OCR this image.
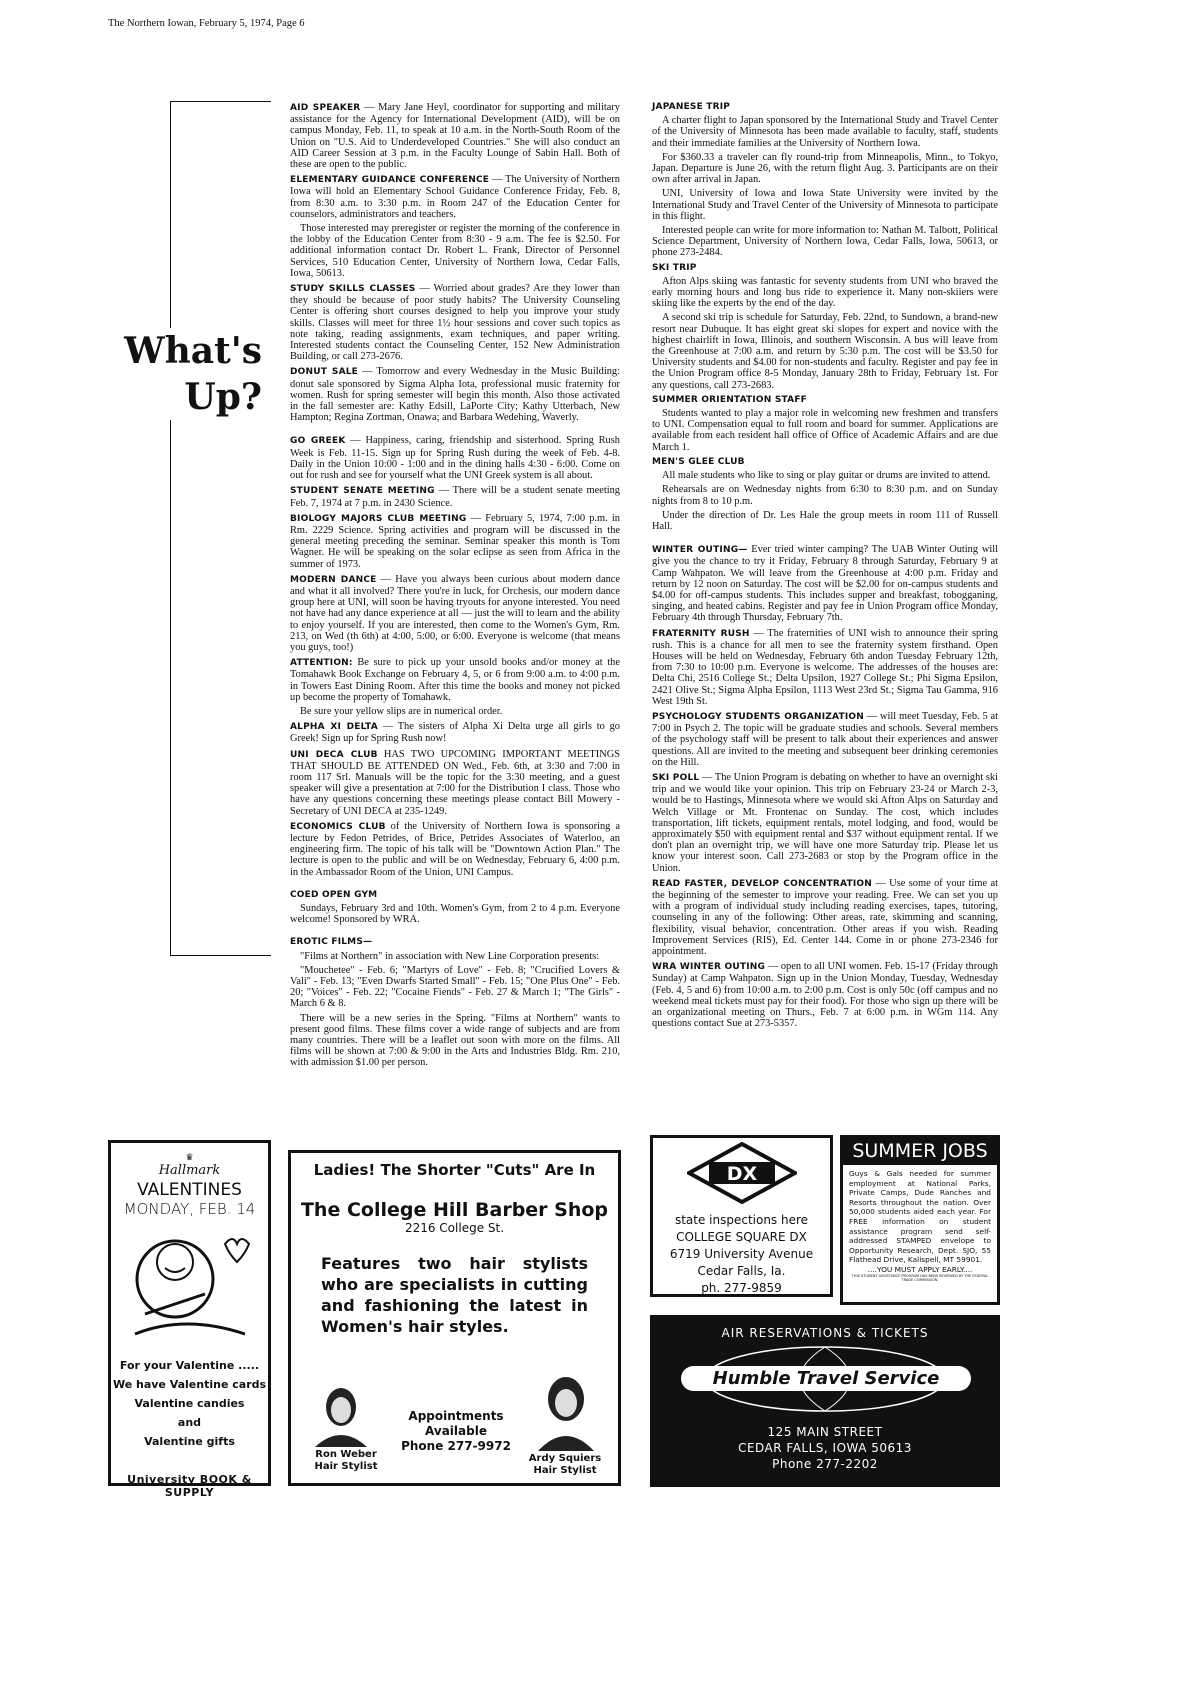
The Northern Iowan, February 5, 1974, Page 6
What's
Up?

AID SPEAKER — Mary Jane Heyl, coordinator for supporting and military assistance for the Agency for International Development (AID), will be on campus Monday, Feb. 11, to speak at 10 a.m. in the North-South Room of the Union on "U.S. Aid to Underdeveloped Countries." She will also conduct an AID Career Session at 3 p.m. in the Faculty Lounge of Sabin Hall. Both of these are open to the public.

ELEMENTARY GUIDANCE CONFERENCE — The University of Northern Iowa will hold an Elementary School Guidance Conference Friday, Feb. 8, from 8:30 a.m. to 3:30 p.m. in Room 247 of the Education Center for counselors, administrators and teachers.

Those interested may preregister or register the morning of the conference in the lobby of the Education Center from 8:30 - 9 a.m. The fee is $2.50. For additional information contact Dr. Robert L. Frank, Director of Personnel Services, 510 Education Center, University of Northern Iowa, Cedar Falls, Iowa, 50613.

STUDY SKILLS CLASSES — Worried about grades? Are they lower than they should be because of poor study habits? The University Counseling Center is offering short courses designed to help you improve your study skills. Classes will meet for three 1½ hour sessions and cover such topics as note taking, reading assignments, exam techniques, and paper writing. Interested students contact the Counseling Center, 152 New Administration Building, or call 273-2676.

DONUT SALE — Tomorrow and every Wednesday in the Music Building: donut sale sponsored by Sigma Alpha Iota, professional music fraternity for women. Rush for spring semester will begin this month. Also those activated in the fall semester are: Kathy Edsill, LaPorte City; Kathy Utterbach, New Hampton; Regina Zortman, Onawa; and Barbara Wedehing, Waverly.

GO GREEK — Happiness, caring, friendship and sisterhood. Spring Rush Week is Feb. 11-15. Sign up for Spring Rush during the week of Feb. 4-8. Daily in the Union 10:00 - 1:00 and in the dining halls 4:30 - 6:00. Come on out for rush and see for yourself what the UNI Greek system is all about.

STUDENT SENATE MEETING — There will be a student senate meeting Feb. 7, 1974 at 7 p.m. in 2430 Science.

BIOLOGY MAJORS CLUB MEETING — February 5, 1974, 7:00 p.m. in Rm. 2229 Science. Spring activities and program will be discussed in the general meeting preceding the seminar. Seminar speaker this month is Tom Wagner. He will be speaking on the solar eclipse as seen from Africa in the summer of 1973.

MODERN DANCE — Have you always been curious about modern dance and what it all involved? There you're in luck, for Orchesis, our modern dance group here at UNI, will soon be having tryouts for anyone interested. You need not have had any dance experience at all — just the will to learn and the ability to enjoy yourself. If you are interested, then come to the Women's Gym, Rm. 213, on Wed (th 6th) at 4:00, 5:00, or 6:00. Everyone is welcome (that means you guys, too!)

ATTENTION: Be sure to pick up your unsold books and/or money at the Tomahawk Book Exchange on February 4, 5, or 6 from 9:00 a.m. to 4:00 p.m. in Towers East Dining Room. After this time the books and money not picked up become the property of Tomahawk.

Be sure your yellow slips are in numerical order.

ALPHA XI DELTA — The sisters of Alpha Xi Delta urge all girls to go Greek! Sign up for Spring Rush now!

UNI DECA CLUB HAS TWO UPCOMING IMPORTANT MEETINGS THAT SHOULD BE ATTENDED ON Wed., Feb. 6th, at 3:30 and 7:00 in room 117 Srl. Manuals will be the topic for the 3:30 meeting, and a guest speaker will give a presentation at 7:00 for the Distribution I class. Those who have any questions concerning these meetings please contact Bill Mowery - Secretary of UNI DECA at 235-1249.

ECONOMICS CLUB of the University of Northern Iowa is sponsoring a lecture by Fedon Petrides, of Brice, Petrides Associates of Waterloo, an engineering firm. The topic of his talk will be "Downtown Action Plan." The lecture is open to the public and will be on Wednesday, February 6, 4:00 p.m. in the Ambassador Room of the Union, UNI Campus.

COED OPEN GYM

Sundays, February 3rd and 10th. Women's Gym, from 2 to 4 p.m. Everyone welcome! Sponsored by WRA.

EROTIC FILMS—

"Films at Northern" in association with New Line Corporation presents:

"Mouchetee" - Feb. 6; "Martyrs of Love" - Feb. 8; "Crucified Lovers & Vali" - Feb. 13; "Even Dwarfs Started Small" - Feb. 15; "One Plus One" - Feb. 20; "Voices" - Feb. 22; "Cocaine Fiends" - Feb. 27 & March 1; "The Girls" - March 6 & 8.

There will be a new series in the Spring. "Films at Northern" wants to present good films. These films cover a wide range of subjects and are from many countries. There will be a leaflet out soon with more on the films. All films will be shown at 7:00 & 9:00 in the Arts and Industries Bldg. Rm. 210, with admission $1.00 per person.

JAPANESE TRIP

A charter flight to Japan sponsored by the International Study and Travel Center of the University of Minnesota has been made available to faculty, staff, students and their immediate families at the University of Northern Iowa.

For $360.33 a traveler can fly round-trip from Minneapolis, Minn., to Tokyo, Japan. Departure is June 26, with the return flight Aug. 3. Participants are on their own after arrival in Japan.

UNI, University of Iowa and Iowa State University were invited by the International Study and Travel Center of the University of Minnesota to participate in this flight.

Interested people can write for more information to: Nathan M. Talbott, Political Science Department, University of Northern Iowa, Cedar Falls, Iowa, 50613, or phone 273-2484.

SKI TRIP

Afton Alps skiing was fantastic for seventy students from UNI who braved the early morning hours and long bus ride to experience it. Many non-skiiers were skiing like the experts by the end of the day.

A second ski trip is schedule for Saturday, Feb. 22nd, to Sundown, a brand-new resort near Dubuque. It has eight great ski slopes for expert and novice with the highest chairlift in Iowa, Illinois, and southern Wisconsin. A bus will leave from the Greenhouse at 7:00 a.m. and return by 5:30 p.m. The cost will be $3.50 for University students and $4.00 for non-students and faculty. Register and pay fee in the Union Program office 8-5 Monday, January 28th to Friday, February 1st. For any questions, call 273-2683.

SUMMER ORIENTATION STAFF

Students wanted to play a major role in welcoming new freshmen and transfers to UNI. Compensation equal to full room and board for summer. Applications are available from each resident hall office of Office of Academic Affairs and are due March 1.

MEN'S GLEE CLUB

All male students who like to sing or play guitar or drums are invited to attend.

Rehearsals are on Wednesday nights from 6:30 to 8:30 p.m. and on Sunday nights from 8 to 10 p.m.

Under the direction of Dr. Les Hale the group meets in room 111 of Russell Hall.

WINTER OUTING— Ever tried winter camping? The UAB Winter Outing will give you the chance to try it Friday, February 8 through Saturday, February 9 at Camp Wahpaton. We will leave from the Greenhouse at 4:00 p.m. Friday and return by 12 noon on Saturday. The cost will be $2.00 for on-campus students and $4.00 for off-campus students. This includes supper and breakfast, tobogganing, singing, and heated cabins. Register and pay fee in Union Program office Monday, February 4th through Thursday, February 7th.

FRATERNITY RUSH — The fraternities of UNI wish to announce their spring rush. This is a chance for all men to see the fraternity system firsthand. Open Houses will be held on Wednesday, February 6th andon Tuesday February 12th, from 7:30 to 10:00 p.m. Everyone is welcome. The addresses of the houses are: Delta Chi, 2516 College St.; Delta Upsilon, 1927 College St.; Phi Sigma Epsilon, 2421 Olive St.; Sigma Alpha Epsilon, 1113 West 23rd St.; Sigma Tau Gamma, 916 West 19th St.

PSYCHOLOGY STUDENTS ORGANIZATION — will meet Tuesday, Feb. 5 at 7:00 in Psych 2. The topic will be graduate studies and schools. Several members of the psychology staff will be present to talk about their experiences and answer questions. All are invited to the meeting and subsequent beer drinking ceremonies on the Hill.

SKI POLL — The Union Program is debating on whether to have an overnight ski trip and we would like your opinion. This trip on February 23-24 or March 2-3, would be to Hastings, Minnesota where we would ski Afton Alps on Saturday and Welch Village or Mt. Frontenac on Sunday. The cost, which includes transportation, lift tickets, equipment rentals, motel lodging, and food, would be approximately $50 with equipment rental and $37 without equipment rental. If we don't plan an overnight trip, we will have one more Saturday trip. Please let us know your interest soon. Call 273-2683 or stop by the Program office in the Union.

READ FASTER, DEVELOP CONCENTRATION — Use some of your time at the beginning of the semester to improve your reading. Free. We can set you up with a program of individual study including reading exercises, tapes, tutoring, counseling in any of the following: Other areas, rate, skimming and scanning, flexibility, visual behavior, concentration. Other areas if you wish. Reading Improvement Services (RIS), Ed. Center 144. Come in or phone 273-2346 for appointment.

WRA WINTER OUTING — open to all UNI women. Feb. 15-17 (Friday through Sunday) at Camp Wahpaton. Sign up in the Union Monday, Tuesday, Wednesday (Feb. 4, 5 and 6) from 10:00 a.m. to 2:00 p.m. Cost is only 50c (off campus and no weekend meal tickets must pay for their food). For those who sign up there will be an organizational meeting on Thurs., Feb. 7 at 6:00 p.m. in WGm 114. Any questions contact Sue at 273-5357.

♛
Hallmark
VALENTINES
MONDAY, FEB. 14
For your Valentine .....
We have Valentine cards
Valentine candies
and
Valentine gifts
University BOOK & SUPPLY
Ladies! The Shorter "Cuts" Are In
The College Hill Barber Shop
2216 College St.
Features two hair stylists who are specialists in cutting and fashioning the latest in Women's hair styles.
Ron Weber
Hair Stylist
Appointments Available
Phone 277-9972
Ardy Squiers
Hair Stylist
DX
state inspections here
COLLEGE SQUARE DX
6719 University Avenue
Cedar Falls, Ia.
ph. 277-9859
SUMMER JOBS
Guys & Gals needed for summer employment at National Parks, Private Camps, Dude Ranches and Resorts throughout the nation. Over 50,000 students aided each year. For FREE information on student assistance program send self-addressed STAMPED envelope to Opportunity Research, Dept. SJO, 55 Flathead Drive, Kalispell, MT 59901.
....YOU MUST APPLY EARLY....
THIS STUDENT ASSISTANCE PROGRAM HAS BEEN REVIEWED BY THE FEDERAL TRADE COMMISSION.
AIR RESERVATIONS & TICKETS
Humble Travel Service
125 MAIN STREET
CEDAR FALLS, IOWA 50613
Phone 277-2202
